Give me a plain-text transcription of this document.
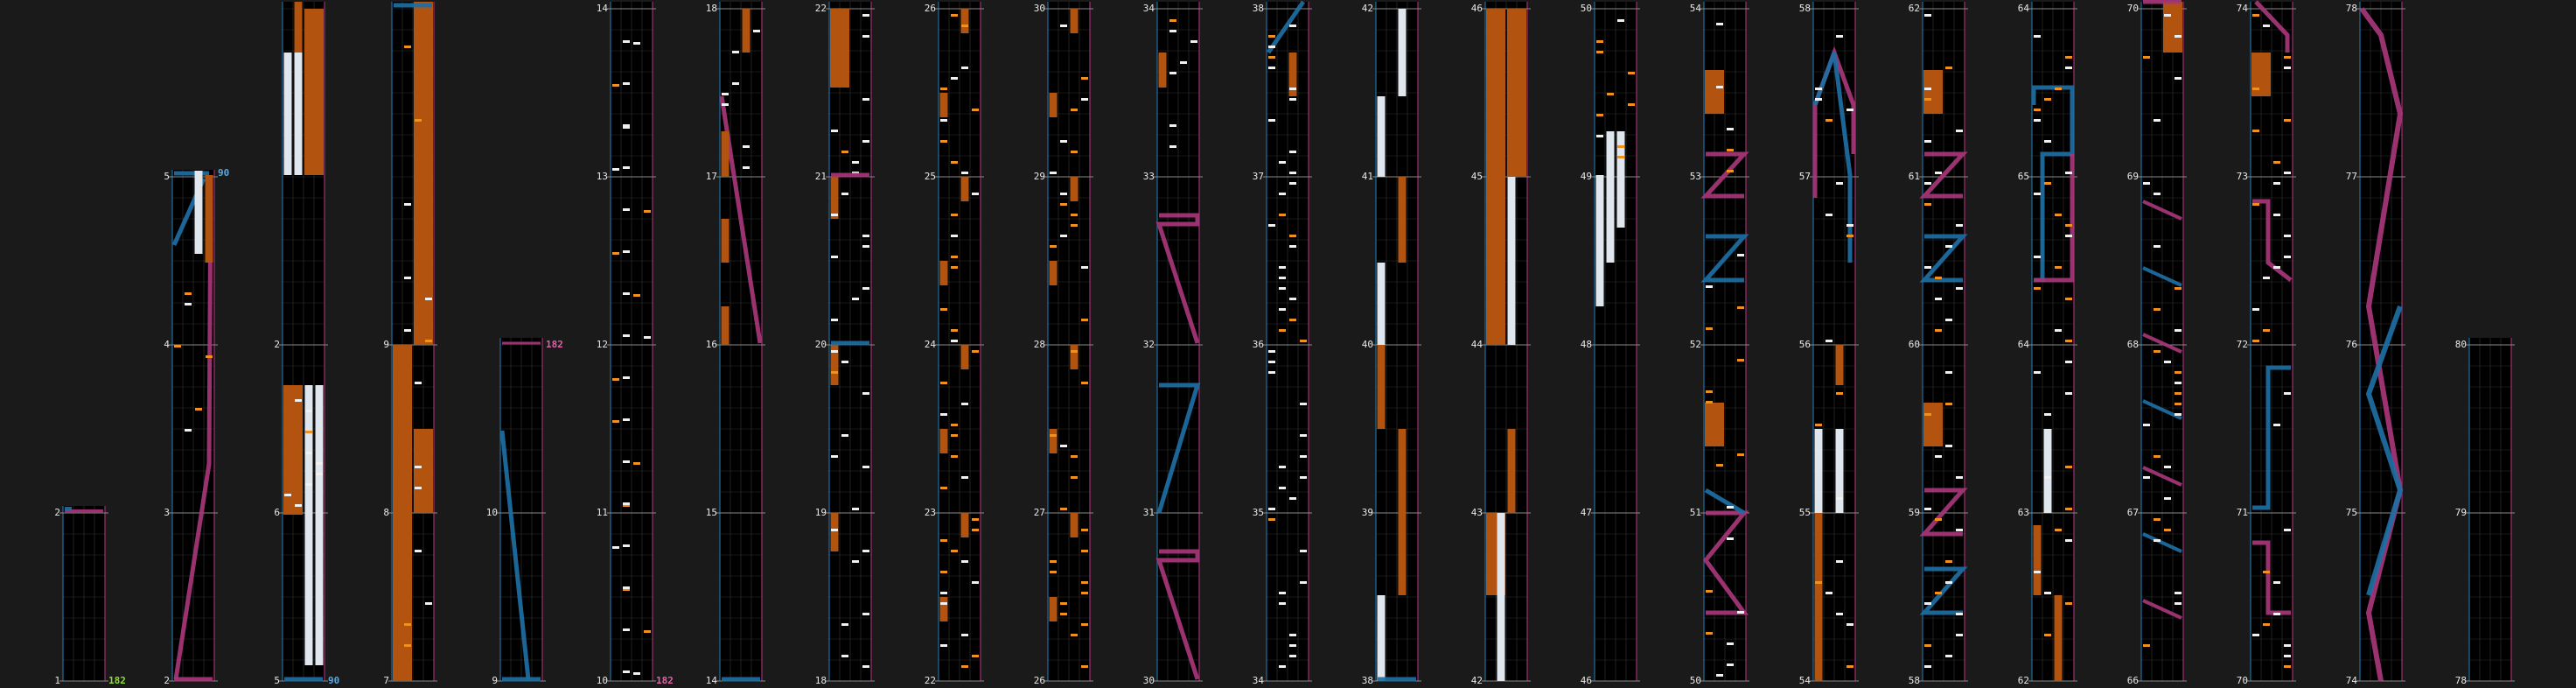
1
2
2
3
4
5
5
6
2
7
8
9
9
10
10
11
12
13
14
14
15
16
17
18
18
19
20
21
22
22
23
24
25
26
26
27
28
29
30
30
31
32
33
34
34
35
36
37
38
38
39
40
41
42
42
43
44
45
46
46
47
48
49
50
50
51
52
53
54
54
55
56
57
58
58
59
60
61
62
62
63
64
65
64
66
67
68
69
70
70
71
72
73
74
74
75
76
77
78
78
79
80
182	90
90
182
182
